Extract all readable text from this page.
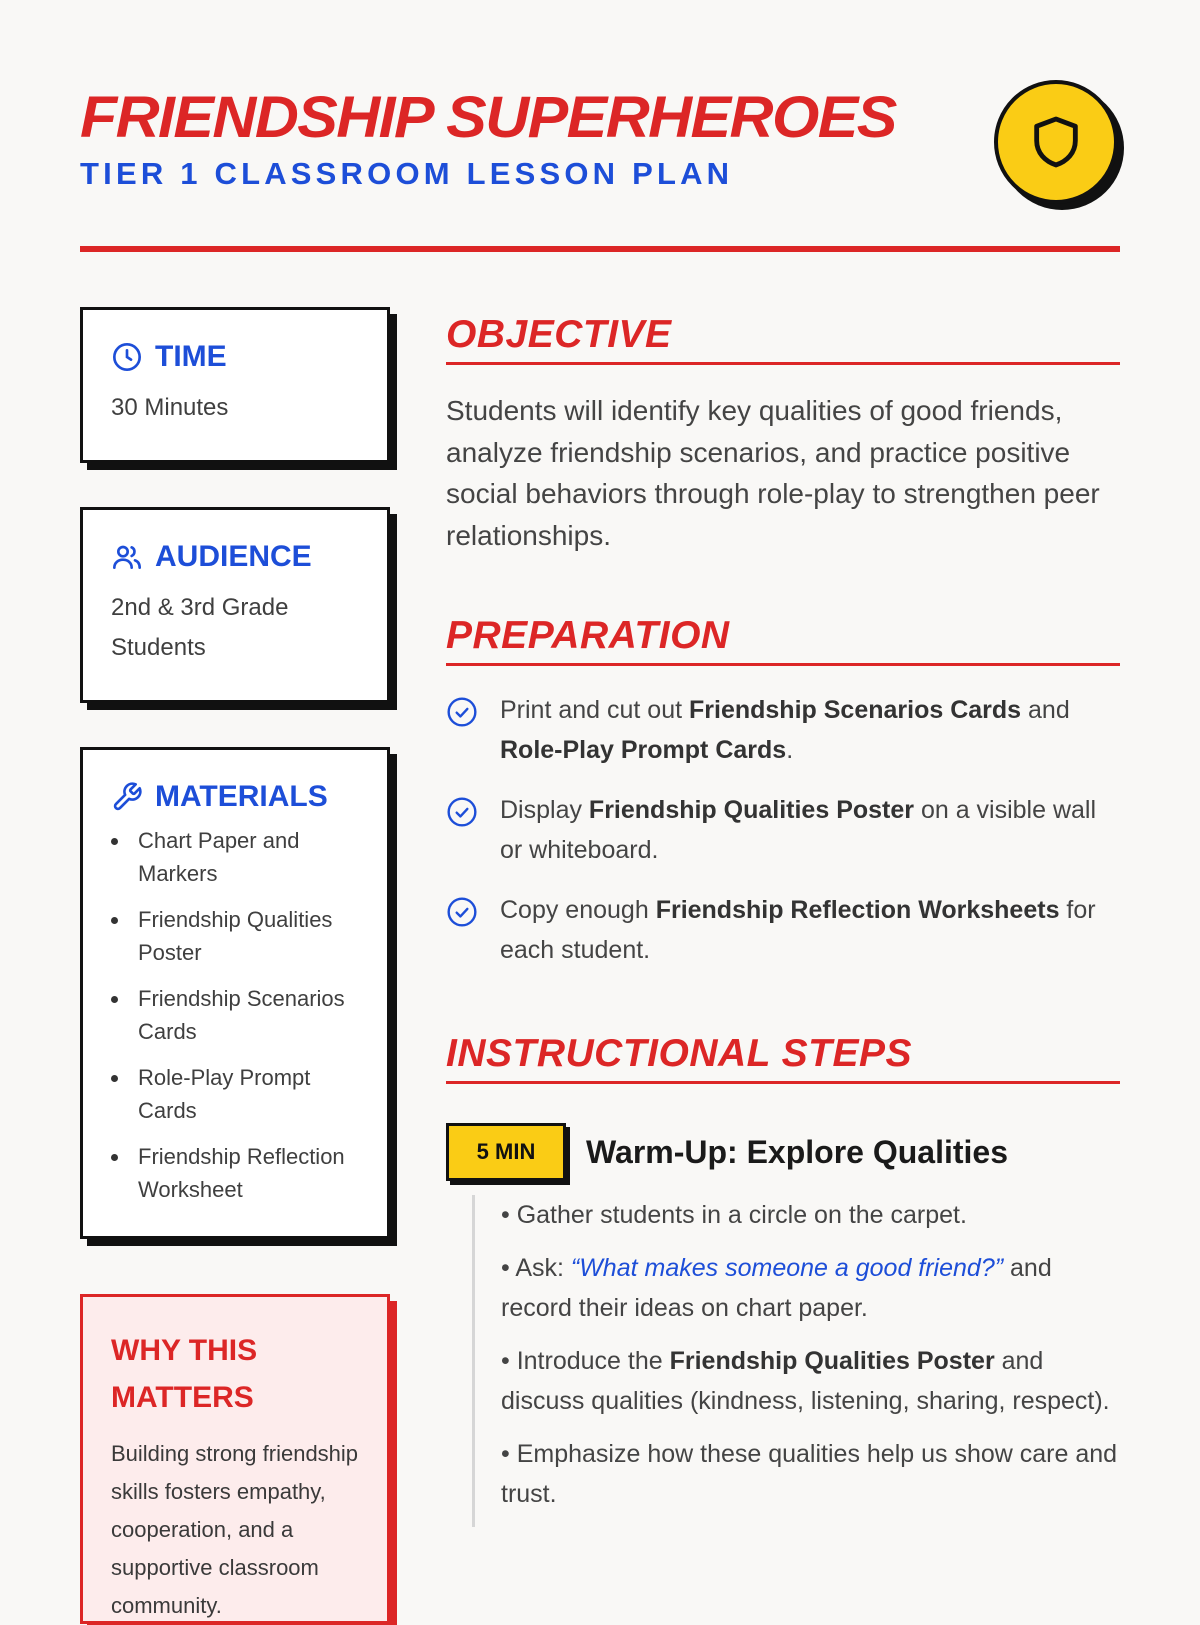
FRIENDSHIP SUPERHEROES
TIER 1 CLASSROOM LESSON PLAN
TIME
30 Minutes
AUDIENCE
2nd & 3rd Grade Students
MATERIALS
Chart Paper and Markers
Friendship Qualities Poster
Friendship Scenarios Cards
Role-Play Prompt Cards
Friendship Reflection Worksheet
WHY THIS MATTERS
Building strong friendship skills fosters empathy, cooperation, and a supportive classroom community.
OBJECTIVE

Students will identify key qualities of good friends, analyze friendship scenarios, and practice positive social behaviors through role-play to strengthen peer relationships.

PREPARATION
Print and cut out Friendship Scenarios Cards and Role-Play Prompt Cards.
Display Friendship Qualities Poster on a visible wall or whiteboard.
Copy enough Friendship Reflection Worksheets for each student.
INSTRUCTIONAL STEPS
5 MIN	Warm-Up: Explore Qualities
• Gather students in a circle on the carpet.
• Ask: “What makes someone a good friend?” and record their ideas on chart paper.
• Introduce the Friendship Qualities Poster and discuss qualities (kindness, listening, sharing, respect).
• Emphasize how these qualities help us show care and trust.
